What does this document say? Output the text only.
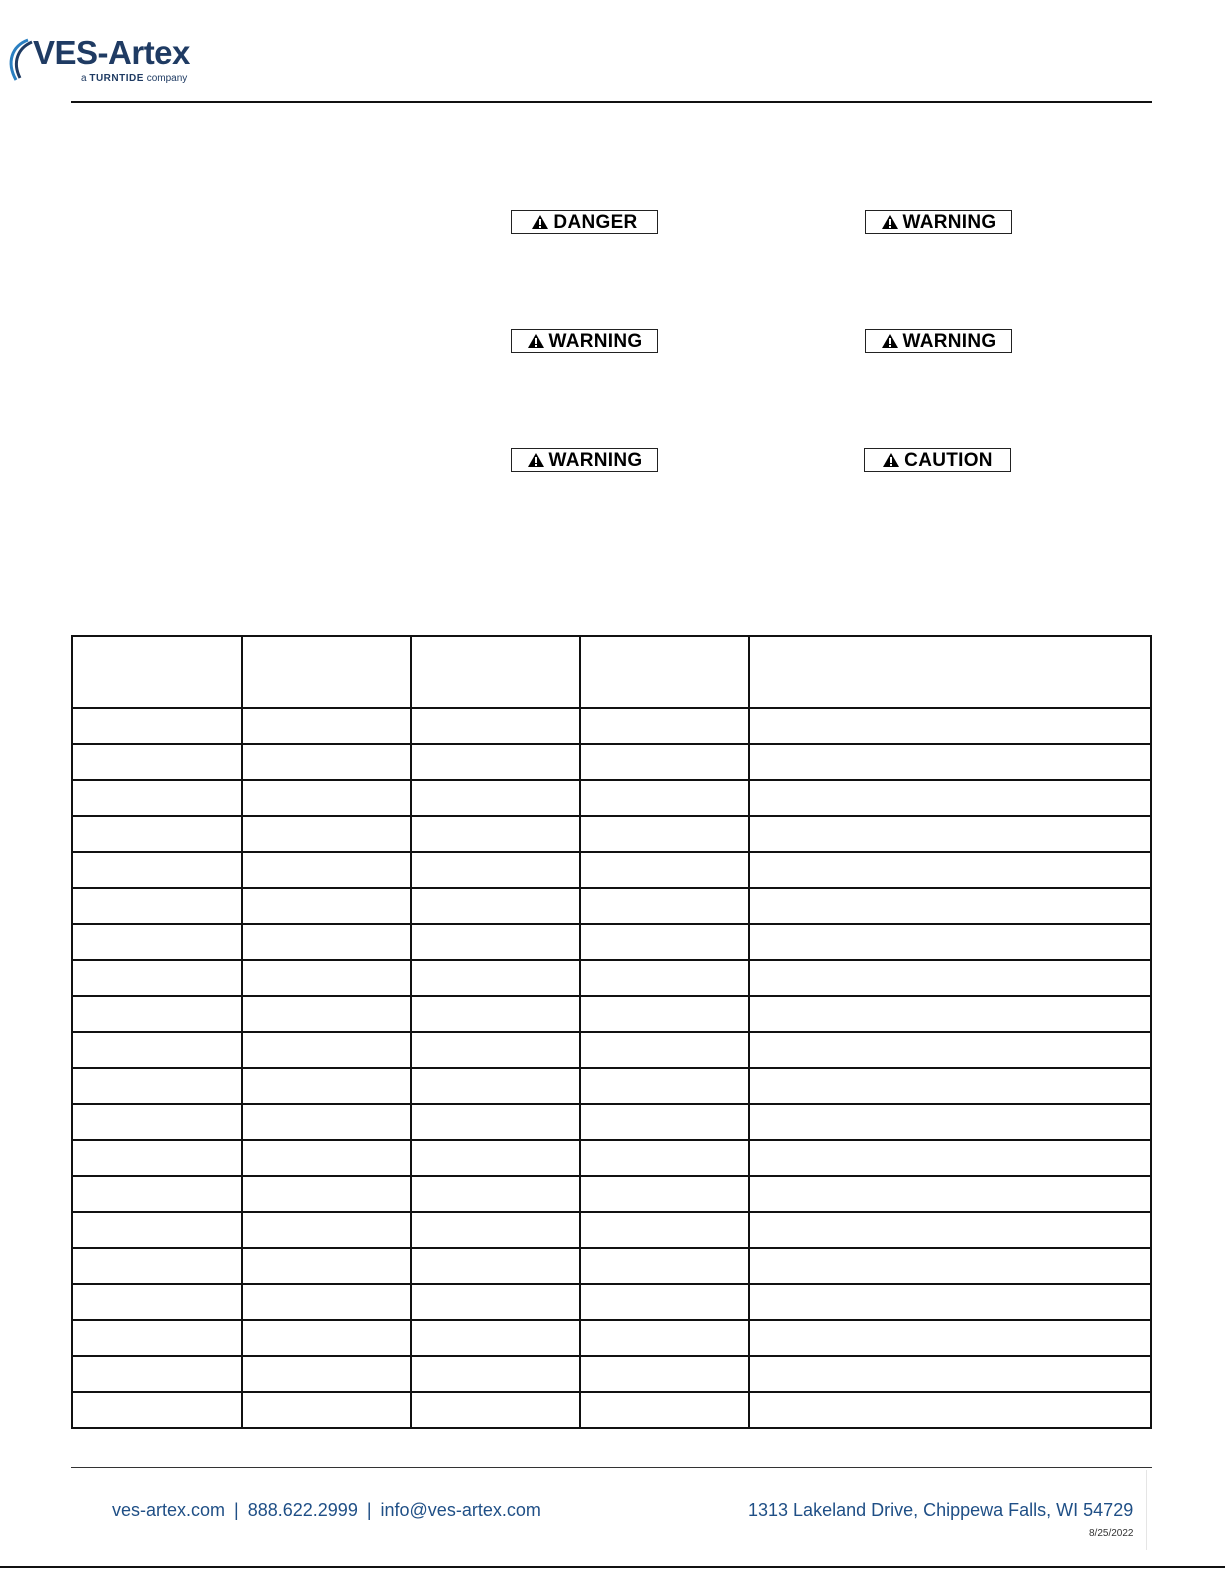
VES-Artex
a TURNTIDE company
DANGER	WARNING
WARNING	WARNING
WARNING	CAUTION

ves-artex.com | 888.622.2999 | info@ves-artex.com	1313 Lakeland Drive, Chippewa Falls, WI 54729
8/25/2022
